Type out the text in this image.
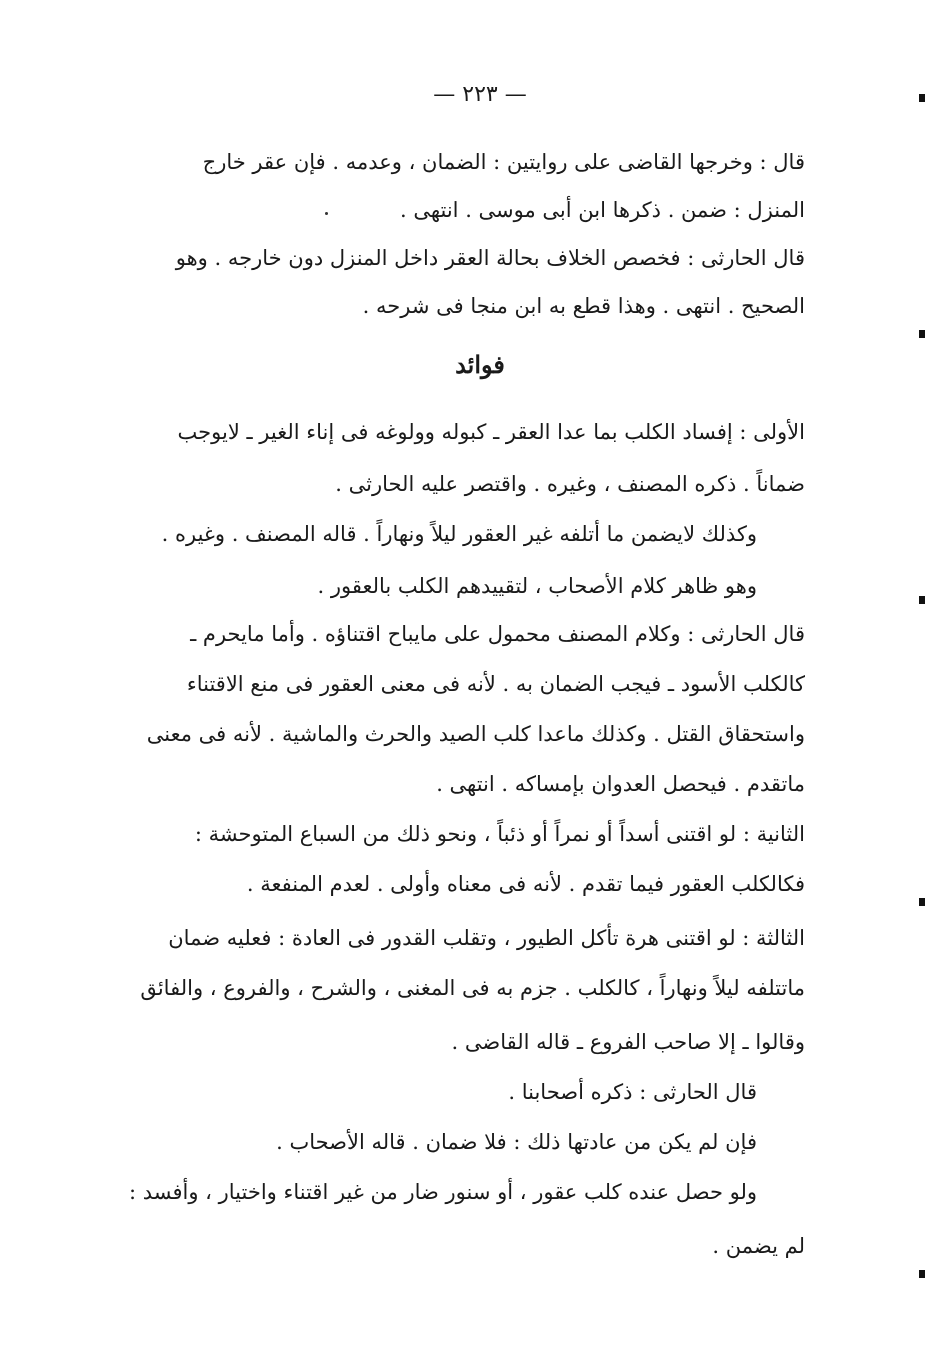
— ٢٢٣ —
قال : وخرجها القاضى على روايتين : الضمان ، وعدمه . فإن عقر خارج
المنزل : ضمن . ذكرها ابن أبى موسى . انتهى .
قال الحارثى : فخصص الخلاف بحالة العقر داخل المنزل دون خارجه . وهو
الصحيح . انتهى . وهذا قطع به ابن منجا فى شرحه .
فوائد
الأولى : إفساد الكلب بما عدا العقر ـ كبوله وولوغه فى إناء الغير ـ لايوجب
ضماناً . ذكره المصنف ، وغيره . واقتصر عليه الحارثى .
وكذلك لايضمن ما أتلفه غير العقور ليلاً ونهاراً . قاله المصنف . وغيره .
وهو ظاهر كلام الأصحاب ، لتقييدهم الكلب بالعقور .
قال الحارثى : وكلام المصنف محمول على مايباح اقتناؤه . وأما مايحرم ـ
كالكلب الأسود ـ فيجب الضمان به . لأنه فى معنى العقور فى منع الاقتناء
واستحقاق القتل . وكذلك ماعدا كلب الصيد والحرث والماشية . لأنه فى معنى
ماتقدم . فيحصل العدوان بإمساكه . انتهى .
الثانية : لو اقتنى أسداً أو نمراً أو ذئباً ، ونحو ذلك من السباع المتوحشة :
فكالكلب العقور فيما تقدم . لأنه فى معناه وأولى . لعدم المنفعة .
الثالثة : لو اقتنى هرة تأكل الطيور ، وتقلب القدور فى العادة : فعليه ضمان
ماتتلفه ليلاً ونهاراً ، كالكلب . جزم به فى المغنى ، والشرح ، والفروع ، والفائق
وقالوا ـ إلا صاحب الفروع ـ قاله القاضى .
قال الحارثى : ذكره أصحابنا .
فإن لم يكن من عادتها ذلك : فلا ضمان . قاله الأصحاب .
ولو حصل عنده كلب عقور ، أو سنور ضار من غير اقتناء واختيار ، وأفسد :
لم يضمن .
